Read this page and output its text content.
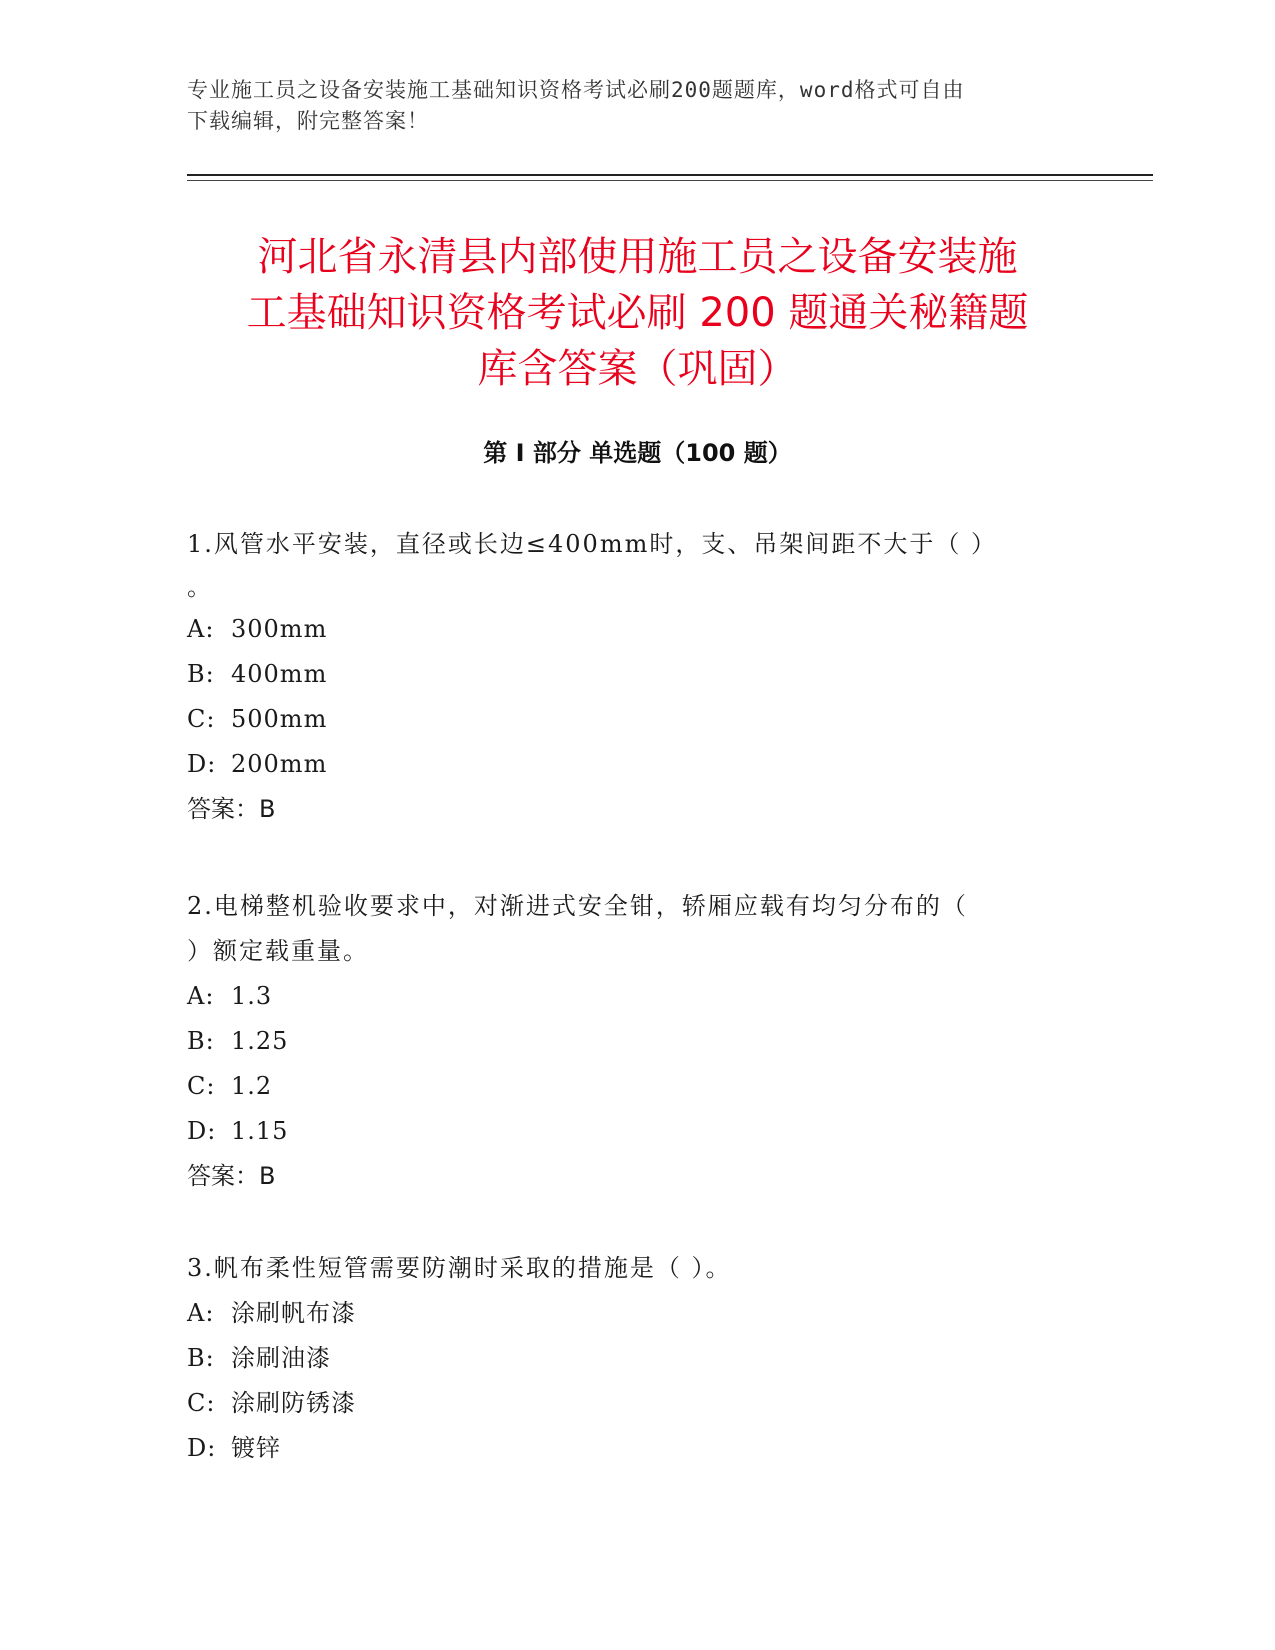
专业施工员之设备安装施工基础知识资格考试必刷200题题库，word格式可自由
下载编辑，附完整答案！
河北省永清县内部使用施工员之设备安装施
工基础知识资格考试必刷 200 题通关秘籍题
库含答案（巩固）
第 I 部分 单选题（100 题）

1.风管水平安装，直径或长边≤400mm时，支、吊架间距不大于（ ）

。

A: 300mm

B: 400mm

C: 500mm

D: 200mm

答案：B

2.电梯整机验收要求中，对渐进式安全钳，轿厢应载有均匀分布的（

）额定载重量。

A: 1.3

B: 1.25

C: 1.2

D: 1.15

答案：B

3.帆布柔性短管需要防潮时采取的措施是（ ）。

A: 涂刷帆布漆

B: 涂刷油漆

C: 涂刷防锈漆

D: 镀锌
